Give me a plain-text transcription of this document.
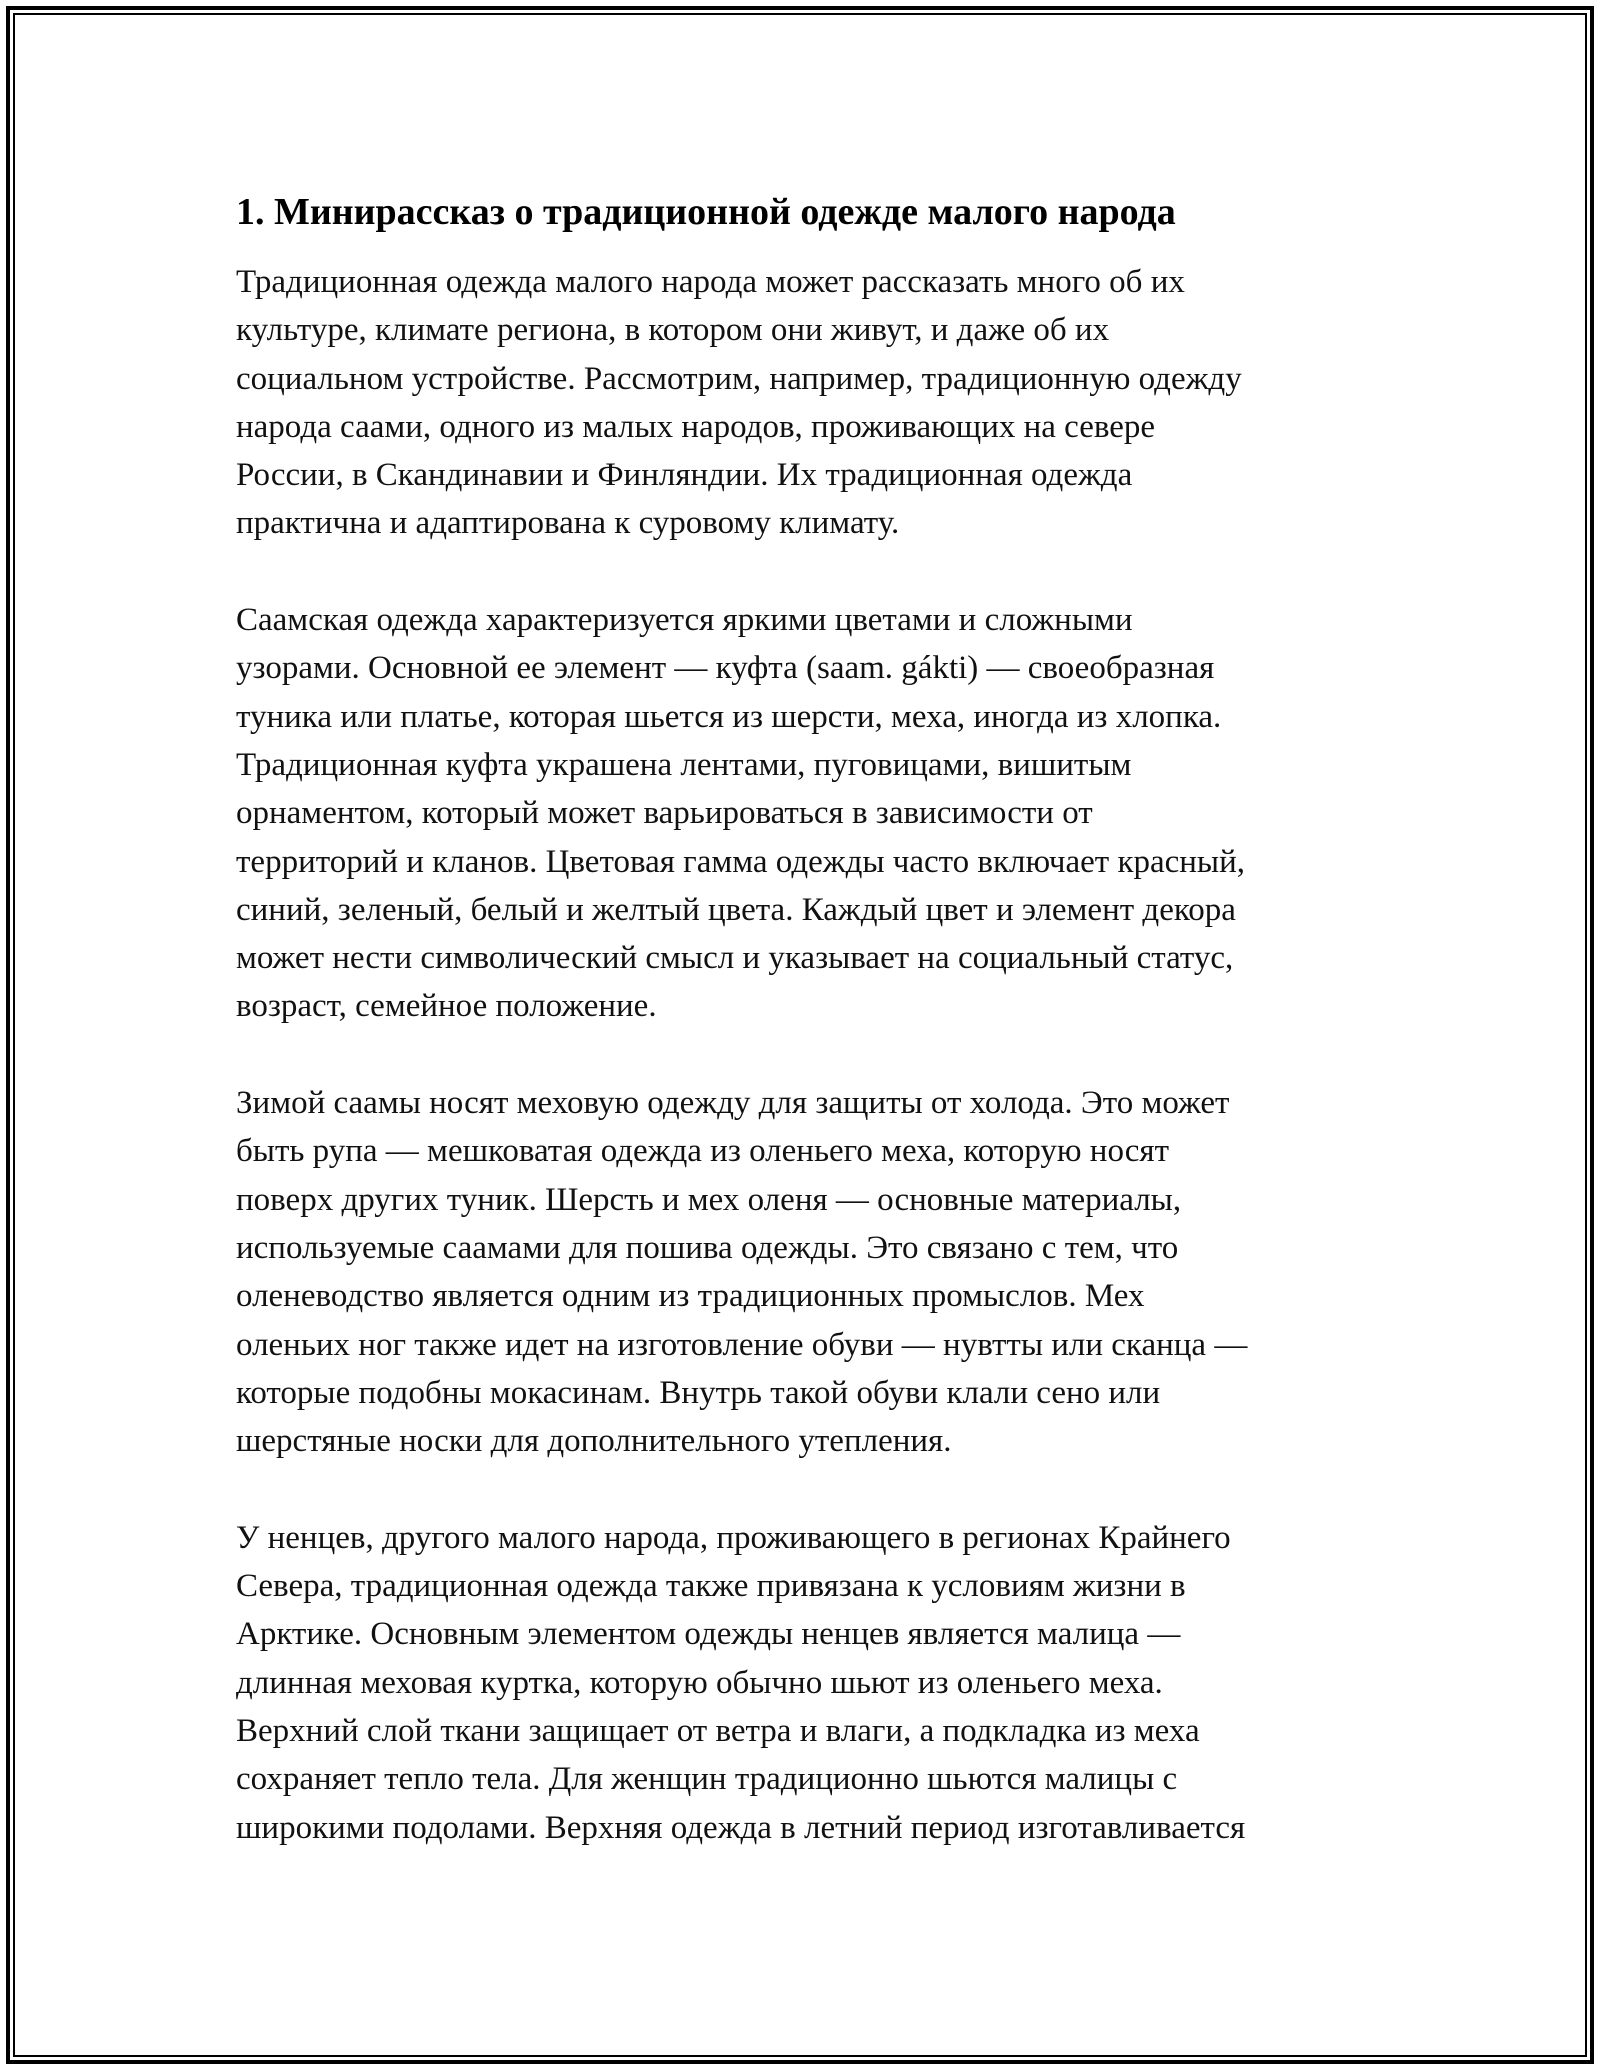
1. Минирассказ о традиционной одежде малого народа
Традиционная одежда малого народа может рассказать много об их
культуре, климате региона, в котором они живут, и даже об их
социальном устройстве. Рассмотрим, например, традиционную одежду
народа саами, одного из малых народов, проживающих на севере
России, в Скандинавии и Финляндии. Их традиционная одежда
практична и адаптирована к суровому климату.
Саамская одежда характеризуется яркими цветами и сложными
узорами. Основной ее элемент — куфта (saam. gákti) — своеобразная
туника или платье, которая шьется из шерсти, меха, иногда из хлопка.
Традиционная куфта украшена лентами, пуговицами, вишитым
орнаментом, который может варьироваться в зависимости от
территорий и кланов. Цветовая гамма одежды часто включает красный,
синий, зеленый, белый и желтый цвета. Каждый цвет и элемент декора
может нести символический смысл и указывает на социальный статус,
возраст, семейное положение.
Зимой саамы носят меховую одежду для защиты от холода. Это может
быть рупа — мешковатая одежда из оленьего меха, которую носят
поверх других туник. Шерсть и мех оленя — основные материалы,
используемые саамами для пошива одежды. Это связано с тем, что
оленеводство является одним из традиционных промыслов. Мех
оленьих ног также идет на изготовление обуви — нувтты или сканца —
которые подобны мокасинам. Внутрь такой обуви клали сено или
шерстяные носки для дополнительного утепления.
У ненцев, другого малого народа, проживающего в регионах Крайнего
Севера, традиционная одежда также привязана к условиям жизни в
Арктике. Основным элементом одежды ненцев является малица —
длинная меховая куртка, которую обычно шьют из оленьего меха.
Верхний слой ткани защищает от ветра и влаги, а подкладка из меха
сохраняет тепло тела. Для женщин традиционно шьются малицы с
широкими подолами. Верхняя одежда в летний период изготавливается
